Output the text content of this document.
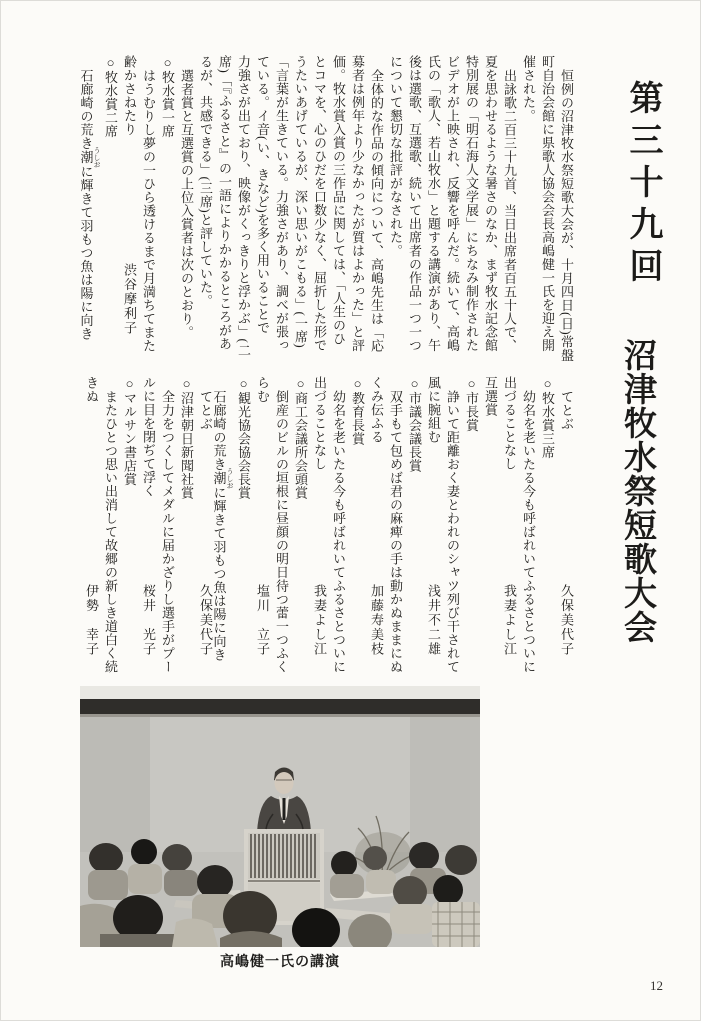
第三十九回
沼津牧水祭短歌大会
恒例の沼津牧水祭短歌大会が、十月四日(日)常盤
町自治会館に県歌人協会会長高嶋健一氏を迎え開
催された。
出詠歌二百三十九首、当日出席者百五十人で、
夏を思わせるような暑さのなか、まず牧水記念館
特別展の「明石海人文学展」にちなみ制作された
ビデオが上映され、反響を呼んだ。続いて、高嶋
氏の「歌人、若山牧水」と題する講演があり、午
後は選歌、互選歌、続いて出席者の作品一つ一つ
について懇切な批評がなされた。
全体的な作品の傾向について、高嶋先生は「応
募者は例年より少なかったが質はよかった」と評
価。牧水賞入賞の三作品に関しては、「人生のひ
とコマを、心のひだを口数少なく、屈折した形で
うたいあげているが、深い思いがこもる」(一席)
「言葉が生きている。力強さがあり、調べが張っ
ている。イ音(い、きなど)を多く用いることで
力強さが出ており、映像がくっきりと浮かぶ」(二
席)「『ふるさと』の一語によりかかるところがあ
るが、共感できる」(三席)と評していた。
選者賞と互選賞の上位入賞者は次のとおり。
○牧水賞一席
はうむりし夢の一ひら透けるまで月満ちてまた
齢かさねたり
渋谷摩利子
○牧水賞二席
石廊崎の荒き潮 うしおに輝きて羽もつ魚は陽に向き
てとぶ
久保美代子
○牧水賞三席
幼名を老いたる今も呼ばれいてふるさとついに
出づることなし
我妻よし江
互選賞
○市長賞
諍いて距離おく妻とわれのシャツ列び干されて
風に腕組む
浅井不二雄
○市議会議長賞
双手もて包めば君の麻痺の手は動かぬままにぬ
くみ伝ふる
加藤寿美枝
○教育長賞
幼名を老いたる今も呼ばれいてふるさとついに
出づることなし
我妻よし江
○商工会議所会頭賞
倒産のビルの垣根に昼顔の明日待つ蕾一つふく
らむ
塩川　立子
○観光協会協会長賞
石廊崎の荒き潮 うしおに輝きて羽もつ魚は陽に向き
てとぶ
久保美代子
○沼津朝日新聞社賞
全力をつくしてメダルに届かざりし選手がプー
ルに目を閉ぢて浮く
桜井　光子
○マルサン書店賞
またひとつ思い出消して故郷の新しき道白く続
きぬ
伊勢　幸子
高嶋健一氏の講演
12
